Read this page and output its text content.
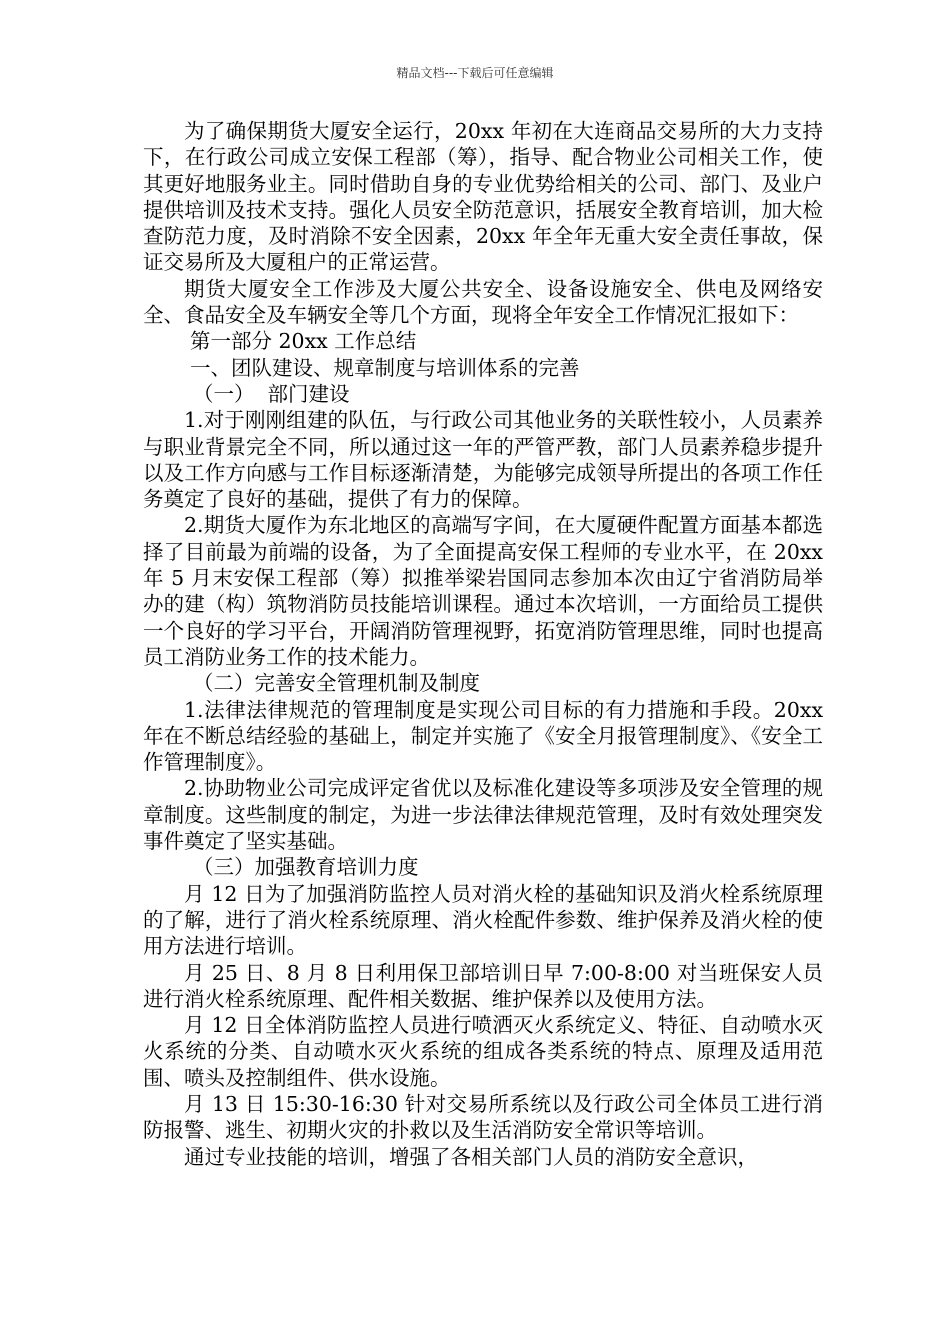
精品文档---下载后可任意编辑

为了确保期货大厦安全运行，20xx 年初在大连商品交易所的大力支持下，在行政公司成立安保工程部（筹），指导、配合物业公司相关工作，使其更好地服务业主。同时借助自身的专业优势给相关的公司、部门、及业户提供培训及技术支持。强化人员安全防范意识，括展安全教育培训，加大检查防范力度，及时消除不安全因素，20xx 年全年无重大安全责任事故，保证交易所及大厦租户的正常运营。

期货大厦安全工作涉及大厦公共安全、设备设施安全、供电及网络安全、食品安全及车辆安全等几个方面，现将全年安全工作情况汇报如下：

第一部分 20xx 工作总结

一、团队建设、规章制度与培训体系的完善

（一）  部门建设

1.对于刚刚组建的队伍，与行政公司其他业务的关联性较小，人员素养与职业背景完全不同，所以通过这一年的严管严教，部门人员素养稳步提升以及工作方向感与工作目标逐渐清楚，为能够完成领导所提出的各项工作任务奠定了良好的基础，提供了有力的保障。

2.期货大厦作为东北地区的高端写字间，在大厦硬件配置方面基本都选择了目前最为前端的设备，为了全面提高安保工程师的专业水平，在 20xx 年 5 月末安保工程部（筹）拟推举梁岩国同志参加本次由辽宁省消防局举办的建（构）筑物消防员技能培训课程。通过本次培训，一方面给员工提供一个良好的学习平台，开阔消防管理视野，拓宽消防管理思维，同时也提高员工消防业务工作的技术能力。

（二）完善安全管理机制及制度

1.法律法律规范的管理制度是实现公司目标的有力措施和手段。20xx 年在不断总结经验的基础上，制定并实施了《安全月报管理制度》、《安全工作管理制度》。

2.协助物业公司完成评定省优以及标准化建设等多项涉及安全管理的规章制度。这些制度的制定，为进一步法律法律规范管理，及时有效处理突发事件奠定了坚实基础。

（三）加强教育培训力度

月 12 日为了加强消防监控人员对消火栓的基础知识及消火栓系统原理的了解，进行了消火栓系统原理、消火栓配件参数、维护保养及消火栓的使用方法进行培训。

月 25 日、8 月 8 日利用保卫部培训日早 7:00-8:00 对当班保安人员进行消火栓系统原理、配件相关数据、维护保养以及使用方法。

月 12 日全体消防监控人员进行喷洒灭火系统定义、特征、自动喷水灭火系统的分类、自动喷水灭火系统的组成各类系统的特点、原理及适用范围、喷头及控制组件、供水设施。

月 13 日 15:30-16:30 针对交易所系统以及行政公司全体员工进行消防报警、逃生、初期火灾的扑救以及生活消防安全常识等培训。

通过专业技能的培训，增强了各相关部门人员的消防安全意识，
